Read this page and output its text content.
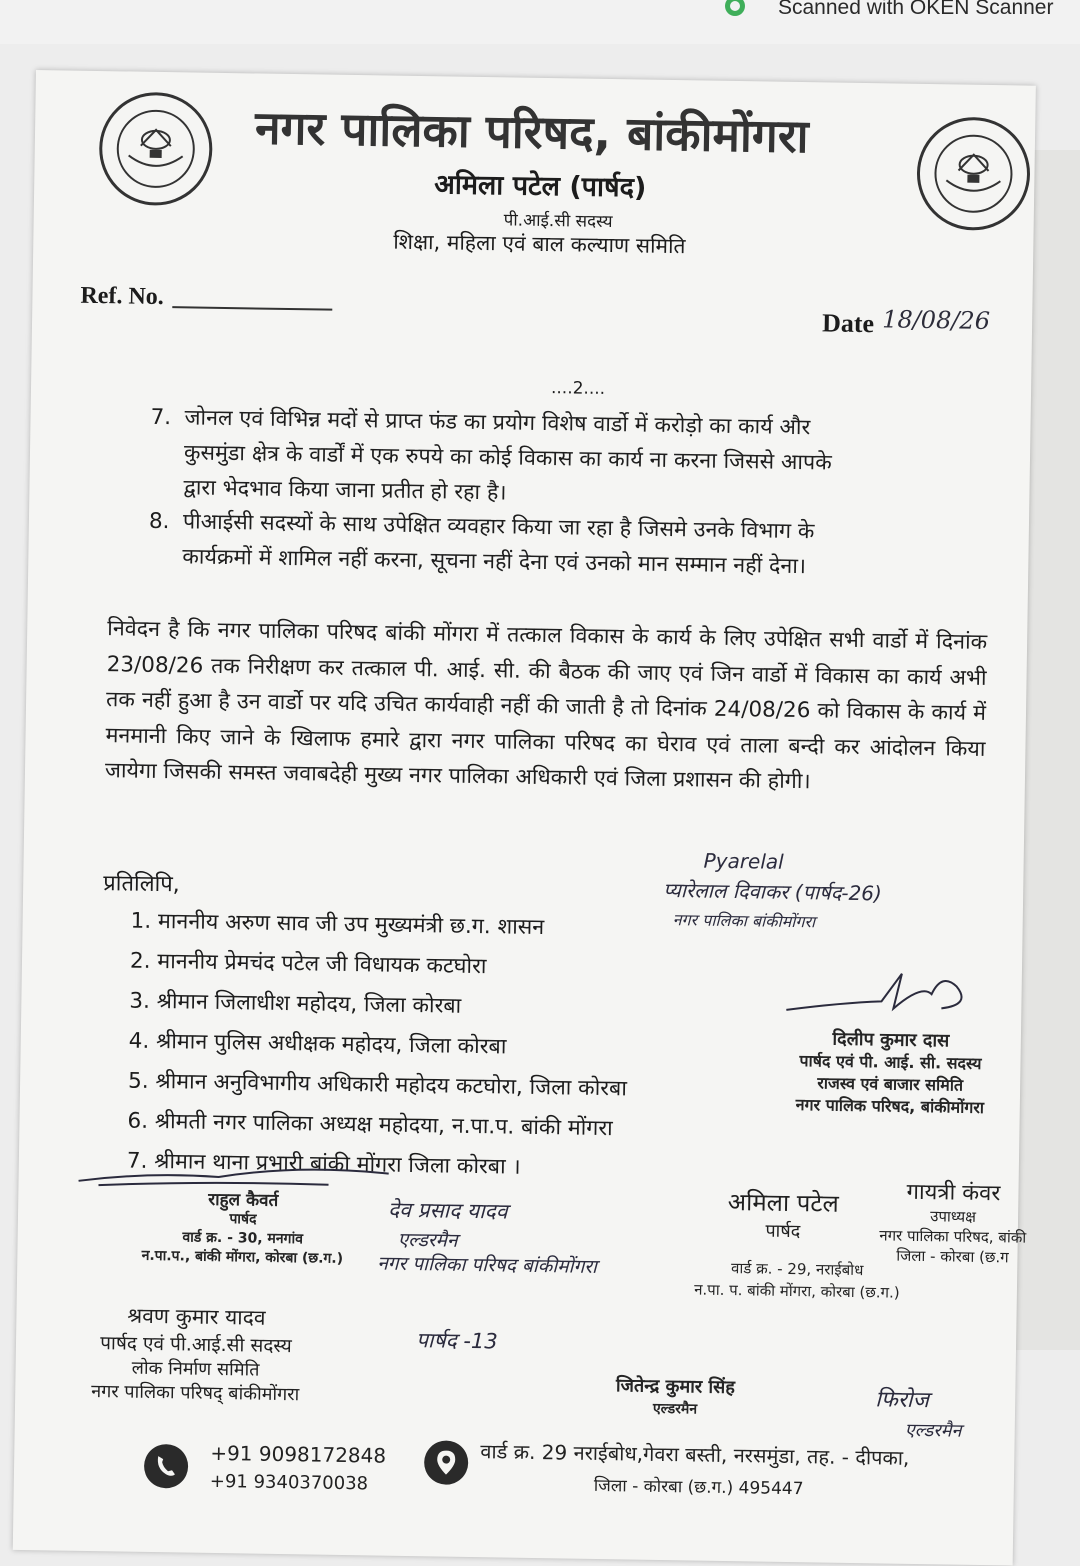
Scanned with OKEN Scanner
नगर पालिका परिषद, बांकीमोंगरा
अमिला पटेल (पार्षद)
पी.आई.सी सदस्य
शिक्षा, महिला एवं बाल कल्याण समिति
Ref. No.
Date 18/08/26
....2....
7. जोनल एवं विभिन्न मदों से प्राप्त फंड का प्रयोग विशेष वार्डो में करोड़ो का कार्य और
कुसमुंडा क्षेत्र के वार्डों में एक रुपये का कोई विकास का कार्य ना करना जिससे आपके
द्वारा भेदभाव किया जाना प्रतीत हो रहा है।
8. पीआईसी सदस्यों के साथ उपेक्षित व्यवहार किया जा रहा है जिसमे उनके विभाग के
कार्यक्रमों में शामिल नहीं करना, सूचना नहीं देना एवं उनको मान सम्मान नहीं देना।
निवेदन है कि नगर पालिका परिषद बांकी मोंगरा में तत्काल विकास के कार्य के लिए उपेक्षित सभी वार्डो में दिनांक 23/08/26 तक निरीक्षण कर तत्काल पी. आई. सी. की बैठक की जाए एवं जिन वार्डो में विकास का कार्य अभी तक नहीं हुआ है उन वार्डो पर यदि उचित कार्यवाही नहीं की जाती है तो दिनांक 24/08/26 को विकास के कार्य में मनमानी किए जाने के खिलाफ हमारे द्वारा नगर पालिका परिषद का घेराव एवं ताला बन्दी कर आंदोलन किया जायेगा जिसकी समस्त जवाबदेही मुख्य नगर पालिका अधिकारी एवं जिला प्रशासन की होगी।
प्रतिलिपि,
1. माननीय अरुण साव जी उप मुख्यमंत्री छ.ग. शासन
2. माननीय प्रेमचंद पटेल जी विधायक कटघोरा
3. श्रीमान जिलाधीश महोदय, जिला कोरबा
4. श्रीमान पुलिस अधीक्षक महोदय, जिला कोरबा
5. श्रीमान अनुविभागीय अधिकारी महोदय कटघोरा, जिला कोरबा
6. श्रीमती नगर पालिका अध्यक्ष महोदया, न.पा.प. बांकी मोंगरा
7. श्रीमान थाना प्रभारी बांकी मोंगरा जिला कोरबा ।
Pyarelal
प्यारेलाल दिवाकर (पार्षद-26)
नगर पालिका बांकीमोंगरा
दिलीप कुमार दास
पार्षद एवं पी. आई. सी. सदस्य
राजस्व एवं बाजार समिति
नगर पालिक परिषद, बांकीमोंगरा
राहुल कैवर्त
पार्षद
वार्ड क्र. - 30, मनगांव
न.पा.प., बांकी मोंगरा, कोरबा (छ.ग.)
देव प्रसाद यादव
एल्डरमैन
नगर पालिका परिषद बांकीमोंगरा
अमिला पटेल
पार्षद
वार्ड क्र. - 29, नराईबोध
न.पा. प. बांकी मोंगरा, कोरबा (छ.ग.)
गायत्री कंवर
उपाध्यक्ष
नगर पालिका परिषद, बांकी
जिला - कोरबा (छ.ग
श्रवण कुमार यादव
पार्षद एवं पी.आई.सी सदस्य
लोक निर्माण समिति
नगर पालिका परिषद् बांकीमोंगरा
पार्षद -13
जितेन्द्र कुमार सिंह
एल्डरमैन	फिरोज
एल्डरमैन
+91 9098172848
+91 9340370038
वार्ड क्र. 29 नराईबोध,गेवरा बस्ती, नरसमुंडा, तह. - दीपका,
जिला - कोरबा (छ.ग.) 495447
